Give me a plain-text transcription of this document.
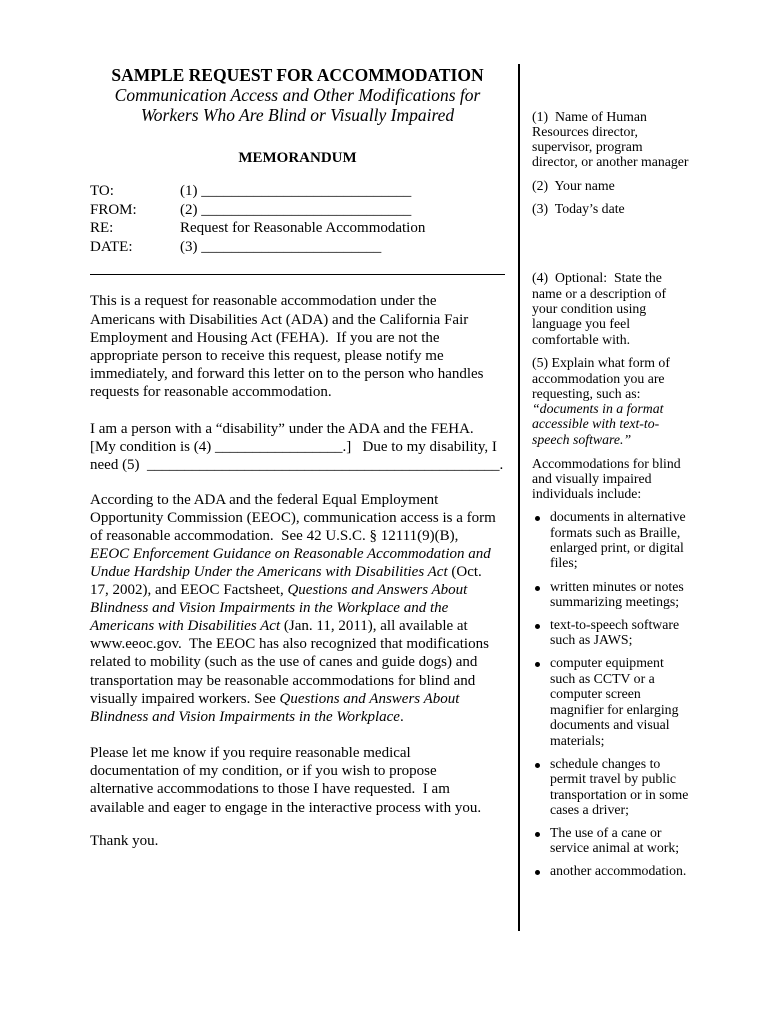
SAMPLE REQUEST FOR ACCOMMODATION
Communication Access and Other Modifications for
Workers Who Are Blind or Visually Impaired
MEMORANDUM
TO:	(1) ____________________________
FROM:	(2) ____________________________
RE:	Request for Reasonable Accommodation
DATE:	(3) ________________________
This is a request for reasonable accommodation under the
Americans with Disabilities Act (ADA) and the California Fair
Employment and Housing Act (FEHA).  If you are not the
appropriate person to receive this request, please notify me
immediately, and forward this letter on to the person who handles
requests for reasonable accommodation.
I am a person with a “disability” under the ADA and the FEHA.
[My condition is (4) _________________.]   Due to my disability, I
need (5)  _______________________________________________.
According to the ADA and the federal Equal Employment
Opportunity Commission (EEOC), communication access is a form
of reasonable accommodation.  See 42 U.S.C. § 12111(9)(B),
EEOC Enforcement Guidance on Reasonable Accommodation and
Undue Hardship Under the Americans with Disabilities Act (Oct.
17, 2002), and EEOC Factsheet, Questions and Answers About
Blindness and Vision Impairments in the Workplace and the
Americans with Disabilities Act (Jan. 11, 2011), all available at
www.eeoc.gov.  The EEOC has also recognized that modifications
related to mobility (such as the use of canes and guide dogs) and
transportation may be reasonable accommodations for blind and
visually impaired workers. See Questions and Answers About
Blindness and Vision Impairments in the Workplace.
Please let me know if you require reasonable medical
documentation of my condition, or if you wish to propose
alternative accommodations to those I have requested.  I am
available and eager to engage in the interactive process with you.
Thank you.
(1)  Name of Human
Resources director,
supervisor, program
director, or another manager
(2)  Your name
(3)  Today’s date
(4)  Optional:  State the
name or a description of
your condition using
language you feel
comfortable with.
(5) Explain what form of
accommodation you are
requesting, such as:
“documents in a format
accessible with text-to-
speech software.”
Accommodations for blind
and visually impaired
individuals include:
documents in alternative
formats such as Braille,
enlarged print, or digital
files;
written minutes or notes
summarizing meetings;
text-to-speech software
such as JAWS;
computer equipment
such as CCTV or a
computer screen
magnifier for enlarging
documents and visual
materials;
schedule changes to
permit travel by public
transportation or in some
cases a driver;
The use of a cane or
service animal at work;
another accommodation.
